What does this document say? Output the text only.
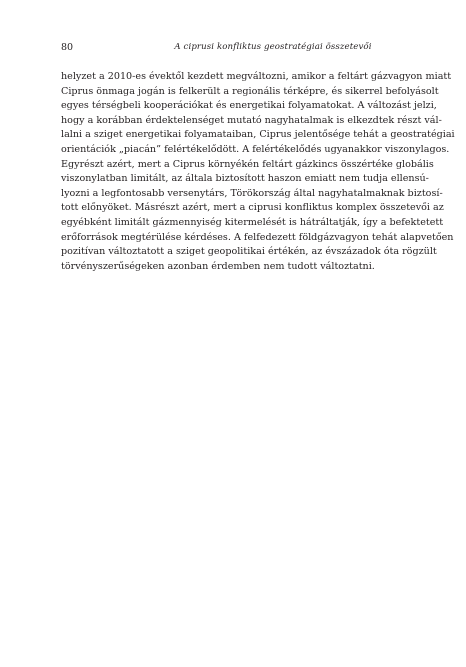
80	A ciprusi konfliktus geostratégiai összetevői
helyzet a 2010-es évektől kezdett megváltozni, amikor a feltárt gázvagyon miatt
Ciprus önmaga jogán is felkerült a regionális térképre, és sikerrel befolyásolt
egyes térségbeli kooperációkat és energetikai folyamatokat. A változást jelzi,
hogy a korábban érdektelenséget mutató nagyhatalmak is elkezdtek részt vál-
lalni a sziget energetikai folyamataiban, Ciprus jelentősége tehát a geostratégiai
orientációk „piacán” felértékelődött. A felértékelődés ugyanakkor viszonylagos.
Egyrészt azért, mert a Ciprus környékén feltárt gázkincs összértéke globális
viszonylatban limitált, az általa biztosított haszon emiatt nem tudja ellensú-
lyozni a legfontosabb versenytárs, Törökország által nagyhatalmaknak biztosí-
tott előnyöket. Másrészt azért, mert a ciprusi konfliktus komplex összetevői az
egyébként limitált gázmennyiség kitermelését is hátráltatják, így a befektetett
erőforrások megtérülése kérdéses. A felfedezett földgázvagyon tehát alapvetően
pozitívan változtatott a sziget geopolitikai értékén, az évszázadok óta rögzült
törvényszerűségeken azonban érdemben nem tudott változtatni.
